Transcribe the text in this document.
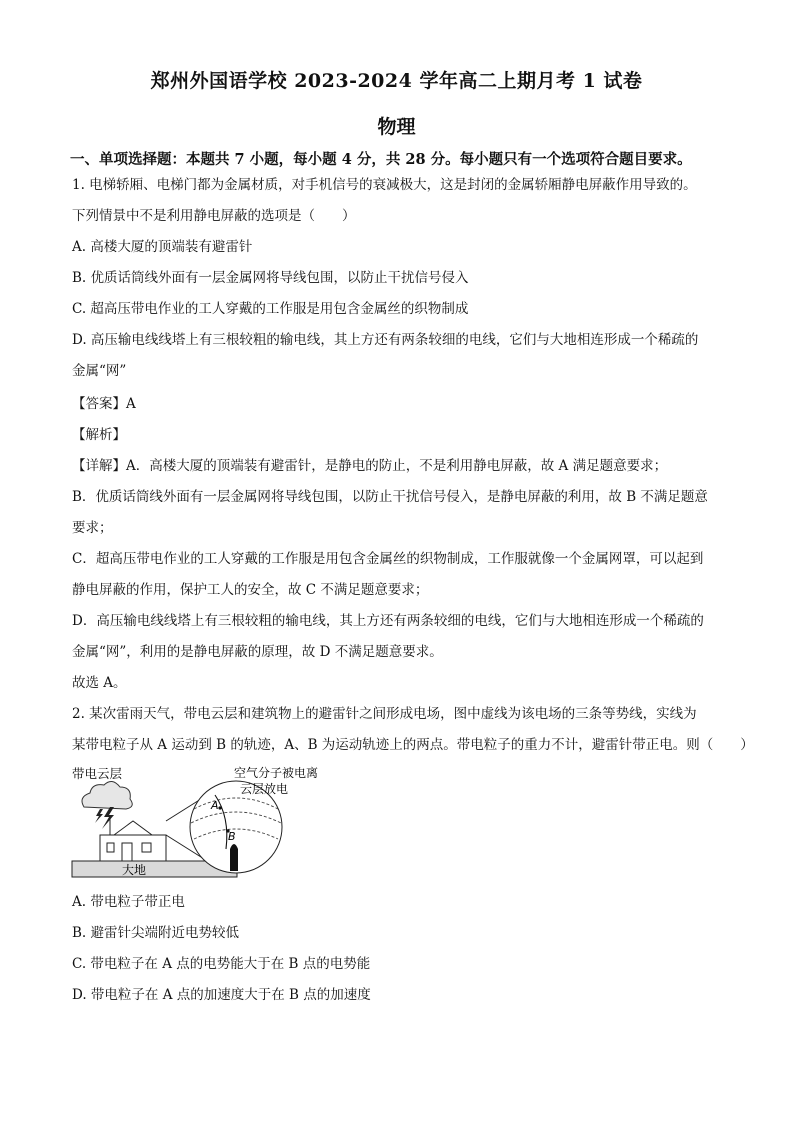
郑州外国语学校 2023-2024 学年高二上期月考 1 试卷
物理
一、单项选择题：本题共 7 小题，每小题 4 分，共 28 分。每小题只有一个选项符合题目要求。
1. 电梯轿厢、电梯门都为金属材质，对手机信号的衰减极大，这是封闭的金属轿厢静电屏蔽作用导致的。
下列情景中不是利用静电屏蔽的选项是（　　）
A. 高楼大厦的顶端装有避雷针
B. 优质话筒线外面有一层金属网将导线包围，以防止干扰信号侵入
C. 超高压带电作业的工人穿戴的工作服是用包含金属丝的织物制成
D. 高压输电线线塔上有三根较粗的输电线，其上方还有两条较细的电线，它们与大地相连形成一个稀疏的
金属“网”
【答案】A
【解析】
【详解】A．高楼大厦的顶端装有避雷针，是静电的防止，不是利用静电屏蔽，故 A 满足题意要求；
B．优质话筒线外面有一层金属网将导线包围，以防止干扰信号侵入，是静电屏蔽的利用，故 B 不满足题意
要求；
C．超高压带电作业的工人穿戴的工作服是用包含金属丝的织物制成，工作服就像一个金属网罩，可以起到
静电屏蔽的作用，保护工人的安全，故 C 不满足题意要求；
D．高压输电线线塔上有三根较粗的输电线，其上方还有两条较细的电线，它们与大地相连形成一个稀疏的
金属“网”，利用的是静电屏蔽的原理，故 D 不满足题意要求。
故选 A。
2. 某次雷雨天气，带电云层和建筑物上的避雷针之间形成电场，图中虚线为该电场的三条等势线，实线为
某带电粒子从 A 运动到 B 的轨迹，A、B 为运动轨迹上的两点。带电粒子的重力不计，避雷针带正电。则（　　）
带电云层
大地
A
B
空气分子被电离
云层放电
A. 带电粒子带正电
B. 避雷针尖端附近电势较低
C. 带电粒子在 A 点的电势能大于在 B 点的电势能
D. 带电粒子在 A 点的加速度大于在 B 点的加速度
